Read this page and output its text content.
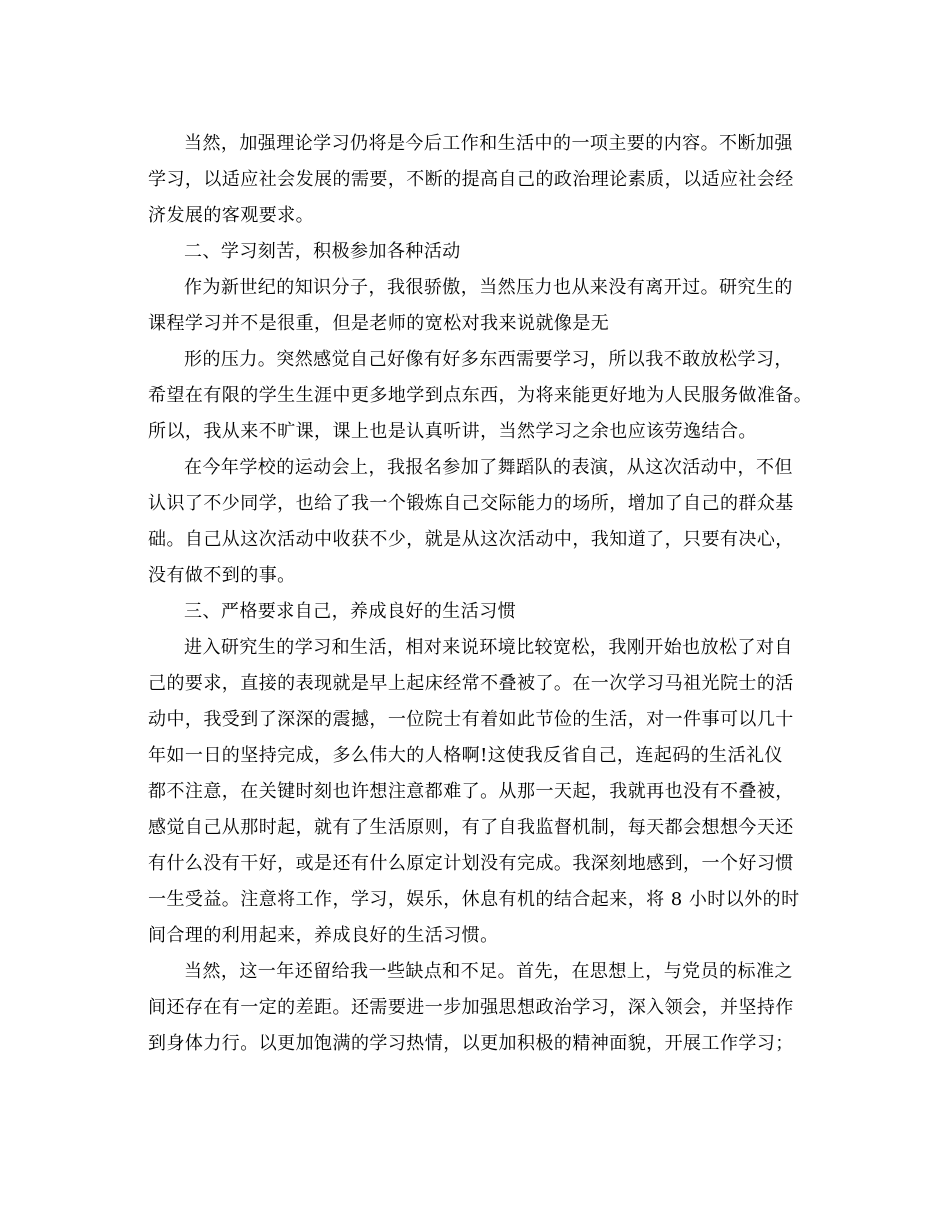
当然，加强理论学习仍将是今后工作和生活中的一项主要的内容。不断加强
学习，以适应社会发展的需要，不断的提高自己的政治理论素质，以适应社会经
济发展的客观要求。
二、学习刻苦，积极参加各种活动
作为新世纪的知识分子，我很骄傲，当然压力也从来没有离开过。研究生的
课程学习并不是很重，但是老师的宽松对我来说就像是无
形的压力。突然感觉自己好像有好多东西需要学习，所以我不敢放松学习，
希望在有限的学生生涯中更多地学到点东西，为将来能更好地为人民服务做准备。
所以，我从来不旷课，课上也是认真听讲，当然学习之余也应该劳逸结合。
在今年学校的运动会上，我报名参加了舞蹈队的表演，从这次活动中，不但
认识了不少同学，也给了我一个锻炼自己交际能力的场所，增加了自己的群众基
础。自己从这次活动中收获不少，就是从这次活动中，我知道了，只要有决心，
没有做不到的事。
三、严格要求自己，养成良好的生活习惯
进入研究生的学习和生活，相对来说环境比较宽松，我刚开始也放松了对自
己的要求，直接的表现就是早上起床经常不叠被了。在一次学习马祖光院士的活
动中，我受到了深深的震撼，一位院士有着如此节俭的生活，对一件事可以几十
年如一日的坚持完成，多么伟大的人格啊!这使我反省自己，连起码的生活礼仪
都不注意，在关键时刻也许想注意都难了。从那一天起，我就再也没有不叠被，
感觉自己从那时起，就有了生活原则，有了自我监督机制，每天都会想想今天还
有什么没有干好，或是还有什么原定计划没有完成。我深刻地感到，一个好习惯
一生受益。注意将工作，学习，娱乐，休息有机的结合起来，将 8 小时以外的时
间合理的利用起来，养成良好的生活习惯。
当然，这一年还留给我一些缺点和不足。首先，在思想上，与党员的标准之
间还存在有一定的差距。还需要进一步加强思想政治学习，深入领会，并坚持作
到身体力行。以更加饱满的学习热情，以更加积极的精神面貌，开展工作学习；
